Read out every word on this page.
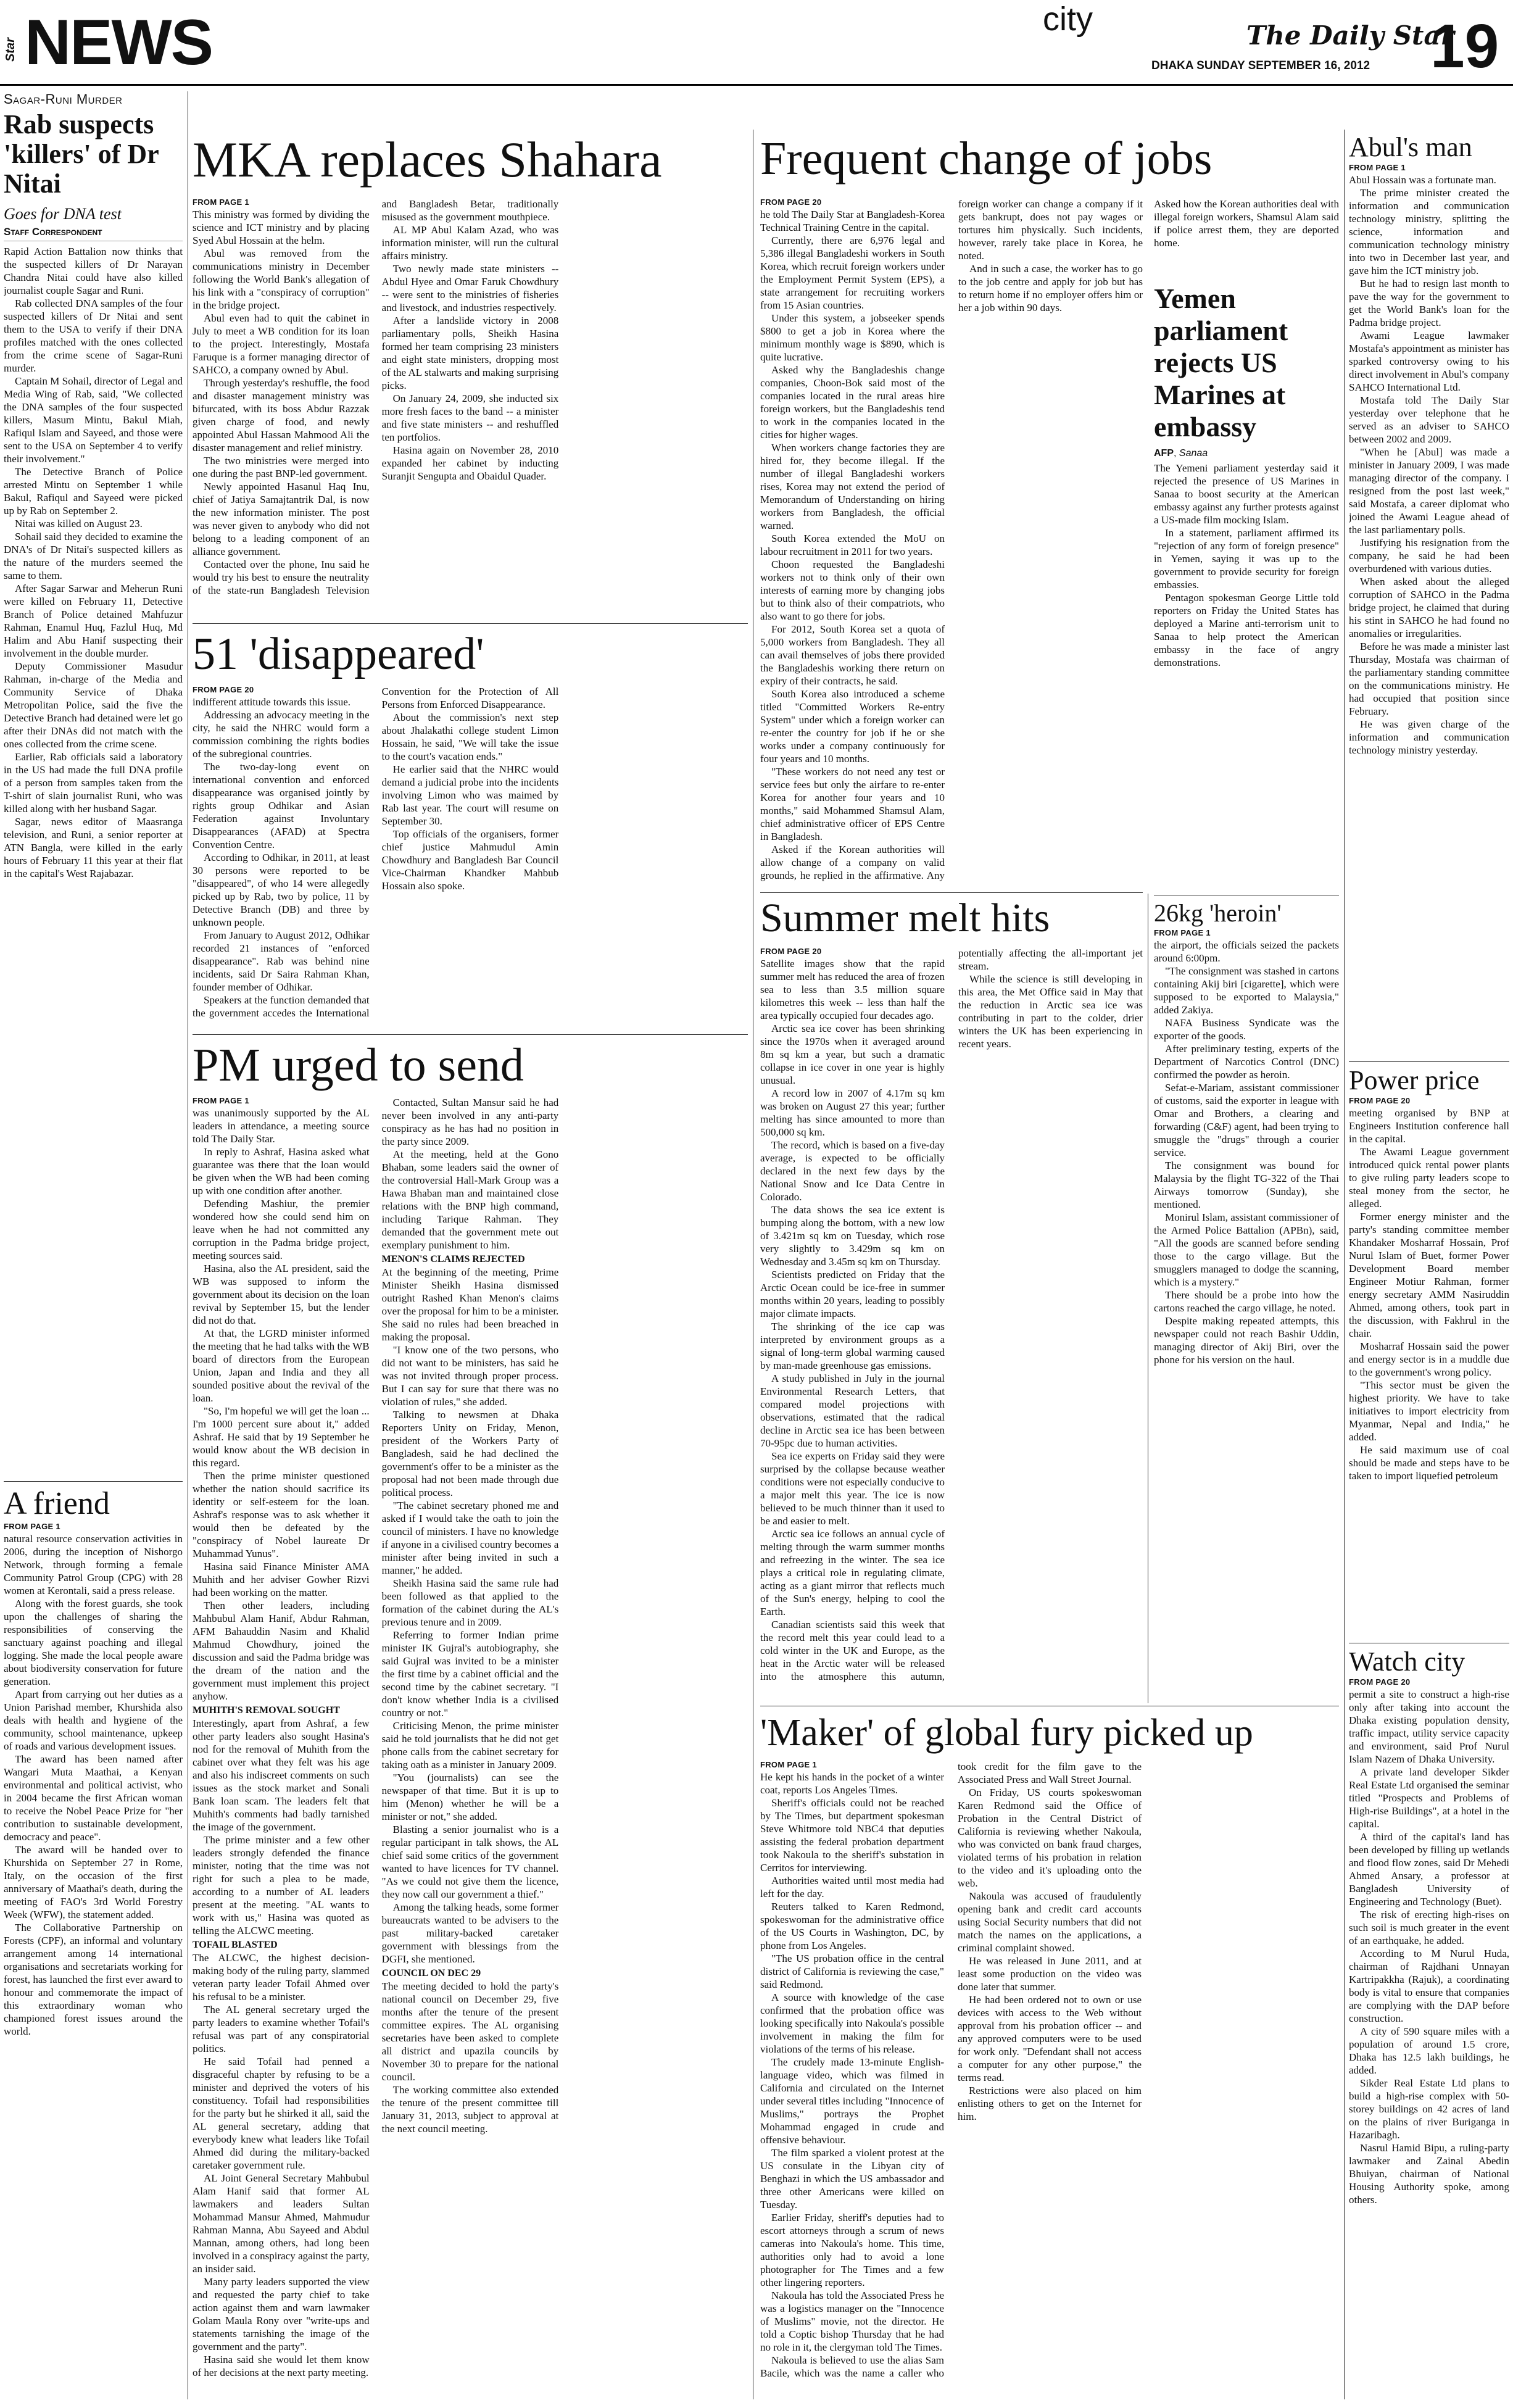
Star NEWS	city	The Daily Star
DHAKA SUNDAY SEPTEMBER 16, 2012 19
Sagar-Runi Murder
Rab suspects 'killers' of Dr Nitai
Goes for DNA test
Staff Correspondent

Rapid Action Battalion now thinks that the suspected killers of Dr Narayan Chandra Nitai could have also killed journalist couple Sagar and Runi.

Rab collected DNA samples of the four suspected killers of Dr Nitai and sent them to the USA to verify if their DNA profiles matched with the ones collected from the crime scene of Sagar-Runi murder.

Captain M Sohail, director of Legal and Media Wing of Rab, said, "We collected the DNA samples of the four suspected killers, Masum Mintu, Bakul Miah, Rafiqul Islam and Sayeed, and those were sent to the USA on September 4 to verify their involvement."

The Detective Branch of Police arrested Mintu on September 1 while Bakul, Rafiqul and Sayeed were picked up by Rab on September 2.

Nitai was killed on August 23.

Sohail said they decided to examine the DNA's of Dr Nitai's suspected killers as the nature of the murders seemed the same to them.

After Sagar Sarwar and Meherun Runi were killed on February 11, Detective Branch of Police detained Mahfuzur Rahman, Enamul Huq, Fazlul Huq, Md Halim and Abu Hanif suspecting their involvement in the double murder.

Deputy Commissioner Masudur Rahman, in-charge of the Media and Community Service of Dhaka Metropolitan Police, said the five the Detective Branch had detained were let go after their DNAs did not match with the ones collected from the crime scene.

Earlier, Rab officials said a laboratory in the US had made the full DNA profile of a person from samples taken from the T-shirt of slain journalist Runi, who was killed along with her husband Sagar.

Sagar, news editor of Maasranga television, and Runi, a senior reporter at ATN Bangla, were killed in the early hours of February 11 this year at their flat in the capital's West Rajabazar.

A friend
FROM PAGE 1

natural resource conservation activities in 2006, during the inception of Nishorgo Network, through forming a female Community Patrol Group (CPG) with 28 women at Kerontali, said a press release.

Along with the forest guards, she took upon the challenges of sharing the responsibilities of conserving the sanctuary against poaching and illegal logging. She made the local people aware about biodiversity conservation for future generation.

Apart from carrying out her duties as a Union Parishad member, Khurshida also deals with health and hygiene of the community, school maintenance, upkeep of roads and various development issues.

The award has been named after Wangari Muta Maathai, a Kenyan environmental and political activist, who in 2004 became the first African woman to receive the Nobel Peace Prize for "her contribution to sustainable development, democracy and peace".

The award will be handed over to Khurshida on September 27 in Rome, Italy, on the occasion of the first anniversary of Maathai's death, during the meeting of FAO's 3rd World Forestry Week (WFW), the statement added.

The Collaborative Partnership on Forests (CPF), an informal and voluntary arrangement among 14 international organisations and secretariats working for forest, has launched the first ever award to honour and commemorate the impact of this extraordinary woman who championed forest issues around the world.

MKA replaces Shahara
FROM PAGE 1

This ministry was formed by dividing the science and ICT ministry and by placing Syed Abul Hossain at the helm.

Abul was removed from the communications ministry in December following the World Bank's allegation of his link with a "conspiracy of corruption" in the bridge project.

Abul even had to quit the cabinet in July to meet a WB condition for its loan to the project. Interestingly, Mostafa Faruque is a former managing director of SAHCO, a company owned by Abul.

Through yesterday's reshuffle, the food and disaster management ministry was bifurcated, with its boss Abdur Razzak given charge of food, and newly appointed Abul Hassan Mahmood Ali the disaster management and relief ministry.

The two ministries were merged into one during the past BNP-led government.

Newly appointed Hasanul Haq Inu, chief of Jatiya Samajtantrik Dal, is now the new information minister. The post was never given to anybody who did not belong to a leading component of an alliance government.

Contacted over the phone, Inu said he would try his best to ensure the neutrality of the state-run Bangladesh Television and Bangladesh Betar, traditionally misused as the government mouthpiece.

AL MP Abul Kalam Azad, who was information minister, will run the cultural affairs ministry.

Two newly made state ministers -- Abdul Hyee and Omar Faruk Chowdhury -- were sent to the ministries of fisheries and livestock, and industries respectively.

After a landslide victory in 2008 parliamentary polls, Sheikh Hasina formed her team comprising 23 ministers and eight state ministers, dropping most of the AL stalwarts and making surprising picks.

On January 24, 2009, she inducted six more fresh faces to the band -- a minister and five state ministers -- and reshuffled ten portfolios.

Hasina again on November 28, 2010 expanded her cabinet by inducting Suranjit Sengupta and Obaidul Quader.

51 'disappeared'
FROM PAGE 20

indifferent attitude towards this issue.

Addressing an advocacy meeting in the city, he said the NHRC would form a commission combining the rights bodies of the subregional countries.

The two-day-long event on international convention and enforced disappearance was organised jointly by rights group Odhikar and Asian Federation against Involuntary Disappearances (AFAD) at Spectra Convention Centre.

According to Odhikar, in 2011, at least 30 persons were reported to be "disappeared", of who 14 were allegedly picked up by Rab, two by police, 11 by Detective Branch (DB) and three by unknown people.

From January to August 2012, Odhikar recorded 21 instances of "enforced disappearance". Rab was behind nine incidents, said Dr Saira Rahman Khan, founder member of Odhikar.

Speakers at the function demanded that the government accedes the International Convention for the Protection of All Persons from Enforced Disappearance.

About the commission's next step about Jhalakathi college student Limon Hossain, he said, "We will take the issue to the court's vacation ends."

He earlier said that the NHRC would demand a judicial probe into the incidents involving Limon who was maimed by Rab last year. The court will resume on September 30.

Top officials of the organisers, former chief justice Mahmudul Amin Chowdhury and Bangladesh Bar Council Vice-Chairman Khandker Mahbub Hossain also spoke.

PM urged to send
FROM PAGE 1

was unanimously supported by the AL leaders in attendance, a meeting source told The Daily Star.

In reply to Ashraf, Hasina asked what guarantee was there that the loan would be given when the WB had been coming up with one condition after another.

Defending Mashiur, the premier wondered how she could send him on leave when he had not committed any corruption in the Padma bridge project, meeting sources said.

Hasina, also the AL president, said the WB was supposed to inform the government about its decision on the loan revival by September 15, but the lender did not do that.

At that, the LGRD minister informed the meeting that he had talks with the WB board of directors from the European Union, Japan and India and they all sounded positive about the revival of the loan.

"So, I'm hopeful we will get the loan ... I'm 1000 percent sure about it," added Ashraf. He said that by 19 September he would know about the WB decision in this regard.

Then the prime minister questioned whether the nation should sacrifice its identity or self-esteem for the loan. Ashraf's response was to ask whether it would then be defeated by the "conspiracy of Nobel laureate Dr Muhammad Yunus".

Hasina said Finance Minister AMA Muhith and her adviser Gowher Rizvi had been working on the matter.

Then other leaders, including Mahbubul Alam Hanif, Abdur Rahman, AFM Bahauddin Nasim and Khalid Mahmud Chowdhury, joined the discussion and said the Padma bridge was the dream of the nation and the government must implement this project anyhow.

MUHITH'S REMOVAL SOUGHT

Interestingly, apart from Ashraf, a few other party leaders also sought Hasina's nod for the removal of Muhith from the cabinet over what they felt was his age and also his indiscreet comments on such issues as the stock market and Sonali Bank loan scam. The leaders felt that Muhith's comments had badly tarnished the image of the government.

The prime minister and a few other leaders strongly defended the finance minister, noting that the time was not right for such a plea to be made, according to a number of AL leaders present at the meeting. "AL wants to work with us," Hasina was quoted as telling the ALCWC meeting.

TOFAIL BLASTED

The ALCWC, the highest decision-making body of the ruling party, slammed veteran party leader Tofail Ahmed over his refusal to be a minister.

The AL general secretary urged the party leaders to examine whether Tofail's refusal was part of any conspiratorial politics.

He said Tofail had penned a disgraceful chapter by refusing to be a minister and deprived the voters of his constituency. Tofail had responsibilities for the party but he shirked it all, said the AL general secretary, adding that everybody knew what leaders like Tofail Ahmed did during the military-backed caretaker government rule.

AL Joint General Secretary Mahbubul Alam Hanif said that former AL lawmakers and leaders Sultan Mohammad Mansur Ahmed, Mahmudur Rahman Manna, Abu Sayeed and Abdul Mannan, among others, had long been involved in a conspiracy against the party, an insider said.

Many party leaders supported the view and requested the party chief to take action against them and warn lawmaker Golam Maula Rony over "write-ups and statements tarnishing the image of the government and the party".

Hasina said she would let them know of her decisions at the next party meeting.

Contacted, Sultan Mansur said he had never been involved in any anti-party conspiracy as he has had no position in the party since 2009.

At the meeting, held at the Gono Bhaban, some leaders said the owner of the controversial Hall-Mark Group was a Hawa Bhaban man and maintained close relations with the BNP high command, including Tarique Rahman. They demanded that the government mete out exemplary punishment to him.

MENON'S CLAIMS REJECTED

At the beginning of the meeting, Prime Minister Sheikh Hasina dismissed outright Rashed Khan Menon's claims over the proposal for him to be a minister. She said no rules had been breached in making the proposal.

"I know one of the two persons, who did not want to be ministers, has said he was not invited through proper process. But I can say for sure that there was no violation of rules," she added.

Talking to newsmen at Dhaka Reporters Unity on Friday, Menon, president of the Workers Party of Bangladesh, said he had declined the government's offer to be a minister as the proposal had not been made through due political process.

"The cabinet secretary phoned me and asked if I would take the oath to join the council of ministers. I have no knowledge if anyone in a civilised country becomes a minister after being invited in such a manner," he added.

Sheikh Hasina said the same rule had been followed as that applied to the formation of the cabinet during the AL's previous tenure and in 2009.

Referring to former Indian prime minister IK Gujral's autobiography, she said Gujral was invited to be a minister the first time by a cabinet official and the second time by the cabinet secretary. "I don't know whether India is a civilised country or not."

Criticising Menon, the prime minister said he told journalists that he did not get phone calls from the cabinet secretary for taking oath as a minister in January 2009.

"You (journalists) can see the newspaper of that time. But it is up to him (Menon) whether he will be a minister or not," she added.

Blasting a senior journalist who is a regular participant in talk shows, the AL chief said some critics of the government wanted to have licences for TV channel. "As we could not give them the licence, they now call our government a thief."

Among the talking heads, some former bureaucrats wanted to be advisers to the past military-backed caretaker government with blessings from the DGFI, she mentioned.

COUNCIL ON DEC 29

The meeting decided to hold the party's national council on December 29, five months after the tenure of the present committee expires. The AL organising secretaries have been asked to complete all district and upazila councils by November 30 to prepare for the national council.

The working committee also extended the tenure of the present committee till January 31, 2013, subject to approval at the next council meeting.

Frequent change of jobs
FROM PAGE 20

he told The Daily Star at Bangladesh-Korea Technical Training Centre in the capital.

Currently, there are 6,976 legal and 5,386 illegal Bangladeshi workers in South Korea, which recruit foreign workers under the Employment Permit System (EPS), a state arrangement for recruiting workers from 15 Asian countries.

Under this system, a jobseeker spends $800 to get a job in Korea where the minimum monthly wage is $890, which is quite lucrative.

Asked why the Bangladeshis change companies, Choon-Bok said most of the companies located in the rural areas hire foreign workers, but the Bangladeshis tend to work in the companies located in the cities for higher wages.

When workers change factories they are hired for, they become illegal. If the number of illegal Bangladeshi workers rises, Korea may not extend the period of Memorandum of Understanding on hiring workers from Bangladesh, the official warned.

South Korea extended the MoU on labour recruitment in 2011 for two years.

Choon requested the Bangladeshi workers not to think only of their own interests of earning more by changing jobs but to think also of their compatriots, who also want to go there for jobs.

For 2012, South Korea set a quota of 5,000 workers from Bangladesh. They all can avail themselves of jobs there provided the Bangladeshis working there return on expiry of their contracts, he said.

South Korea also introduced a scheme titled "Committed Workers Re-entry System" under which a foreign worker can re-enter the country for job if he or she works under a company continuously for four years and 10 months.

"These workers do not need any test or service fees but only the airfare to re-enter Korea for another four years and 10 months," said Mohammed Shamsul Alam, chief administrative officer of EPS Centre in Bangladesh.

Asked if the Korean authorities will allow change of a company on valid grounds, he replied in the affirmative. Any foreign worker can change a company if it gets bankrupt, does not pay wages or tortures him physically. Such incidents, however, rarely take place in Korea, he noted.

And in such a case, the worker has to go to the job centre and apply for job but has to return home if no employer offers him or her a job within 90 days.

Asked how the Korean authorities deal with illegal foreign workers, Shamsul Alam said if police arrest them, they are deported home.

Yemen parliament rejects US Marines at embassy
AFP, Sanaa

The Yemeni parliament yesterday said it rejected the presence of US Marines in Sanaa to boost security at the American embassy against any further protests against a US-made film mocking Islam.

In a statement, parliament affirmed its "rejection of any form of foreign presence" in Yemen, saying it was up to the government to provide security for foreign embassies.

Pentagon spokesman George Little told reporters on Friday the United States has deployed a Marine anti-terrorism unit to Sanaa to help protect the American embassy in the face of angry demonstrations.

Summer melt hits
FROM PAGE 20

Satellite images show that the rapid summer melt has reduced the area of frozen sea to less than 3.5 million square kilometres this week -- less than half the area typically occupied four decades ago.

Arctic sea ice cover has been shrinking since the 1970s when it averaged around 8m sq km a year, but such a dramatic collapse in ice cover in one year is highly unusual.

A record low in 2007 of 4.17m sq km was broken on August 27 this year; further melting has since amounted to more than 500,000 sq km.

The record, which is based on a five-day average, is expected to be officially declared in the next few days by the National Snow and Ice Data Centre in Colorado.

The data shows the sea ice extent is bumping along the bottom, with a new low of 3.421m sq km on Tuesday, which rose very slightly to 3.429m sq km on Wednesday and 3.45m sq km on Thursday.

Scientists predicted on Friday that the Arctic Ocean could be ice-free in summer months within 20 years, leading to possibly major climate impacts.

The shrinking of the ice cap was interpreted by environment groups as a signal of long-term global warming caused by man-made greenhouse gas emissions.

A study published in July in the journal Environmental Research Letters, that compared model projections with observations, estimated that the radical decline in Arctic sea ice has been between 70-95pc due to human activities.

Sea ice experts on Friday said they were surprised by the collapse because weather conditions were not especially conducive to a major melt this year. The ice is now believed to be much thinner than it used to be and easier to melt.

Arctic sea ice follows an annual cycle of melting through the warm summer months and refreezing in the winter. The sea ice plays a critical role in regulating climate, acting as a giant mirror that reflects much of the Sun's energy, helping to cool the Earth.

Canadian scientists said this week that the record melt this year could lead to a cold winter in the UK and Europe, as the heat in the Arctic water will be released into the atmosphere this autumn, potentially affecting the all-important jet stream.

While the science is still developing in this area, the Met Office said in May that the reduction in Arctic sea ice was contributing in part to the colder, drier winters the UK has been experiencing in recent years.

26kg 'heroin'
FROM PAGE 1

the airport, the officials seized the packets around 6:00pm.

"The consignment was stashed in cartons containing Akij biri [cigarette], which were supposed to be exported to Malaysia," added Zakiya.

NAFA Business Syndicate was the exporter of the goods.

After preliminary testing, experts of the Department of Narcotics Control (DNC) confirmed the powder as heroin.

Sefat-e-Mariam, assistant commissioner of customs, said the exporter in league with Omar and Brothers, a clearing and forwarding (C&F) agent, had been trying to smuggle the "drugs" through a courier service.

The consignment was bound for Malaysia by the flight TG-322 of the Thai Airways tomorrow (Sunday), she mentioned.

Monirul Islam, assistant commissioner of the Armed Police Battalion (APBn), said, "All the goods are scanned before sending those to the cargo village. But the smugglers managed to dodge the scanning, which is a mystery."

There should be a probe into how the cartons reached the cargo village, he noted.

Despite making repeated attempts, this newspaper could not reach Bashir Uddin, managing director of Akij Biri, over the phone for his version on the haul.

'Maker' of global fury picked up
FROM PAGE 1

He kept his hands in the pocket of a winter coat, reports Los Angeles Times.

Sheriff's officials could not be reached by The Times, but department spokesman Steve Whitmore told NBC4 that deputies assisting the federal probation department took Nakoula to the sheriff's substation in Cerritos for interviewing.

Authorities waited until most media had left for the day.

Reuters talked to Karen Redmond, spokeswoman for the administrative office of the US Courts in Washington, DC, by phone from Los Angeles.

"The US probation office in the central district of California is reviewing the case," said Redmond.

A source with knowledge of the case confirmed that the probation office was looking specifically into Nakoula's possible involvement in making the film for violations of the terms of his release.

The crudely made 13-minute English-language video, which was filmed in California and circulated on the Internet under several titles including "Innocence of Muslims," portrays the Prophet Mohammad engaged in crude and offensive behaviour.

The film sparked a violent protest at the US consulate in the Libyan city of Benghazi in which the US ambassador and three other Americans were killed on Tuesday.

Earlier Friday, sheriff's deputies had to escort attorneys through a scrum of news cameras into Nakoula's home. This time, authorities only had to avoid a lone photographer for The Times and a few other lingering reporters.

Nakoula has told the Associated Press he was a logistics manager on the "Innocence of Muslims" movie, not the director. He told a Coptic bishop Thursday that he had no role in it, the clergyman told The Times.

Nakoula is believed to use the alias Sam Bacile, which was the name a caller who took credit for the film gave to the Associated Press and Wall Street Journal.

On Friday, US courts spokeswoman Karen Redmond said the Office of Probation in the Central District of California is reviewing whether Nakoula, who was convicted on bank fraud charges, violated terms of his probation in relation to the video and it's uploading onto the web.

Nakoula was accused of fraudulently opening bank and credit card accounts using Social Security numbers that did not match the names on the applications, a criminal complaint showed.

He was released in June 2011, and at least some production on the video was done later that summer.

He had been ordered not to own or use devices with access to the Web without approval from his probation officer -- and any approved computers were to be used for work only. "Defendant shall not access a computer for any other purpose," the terms read.

Restrictions were also placed on him enlisting others to get on the Internet for him.

Abul's man
FROM PAGE 1

Abul Hossain was a fortunate man.

The prime minister created the information and communication technology ministry, splitting the science, information and communication technology ministry into two in December last year, and gave him the ICT ministry job.

But he had to resign last month to pave the way for the government to get the World Bank's loan for the Padma bridge project.

Awami League lawmaker Mostafa's appointment as minister has sparked controversy owing to his direct involvement in Abul's company SAHCO International Ltd.

Mostafa told The Daily Star yesterday over telephone that he served as an adviser to SAHCO between 2002 and 2009.

"When he [Abul] was made a minister in January 2009, I was made managing director of the company. I resigned from the post last week," said Mostafa, a career diplomat who joined the Awami League ahead of the last parliamentary polls.

Justifying his resignation from the company, he said he had been overburdened with various duties.

When asked about the alleged corruption of SAHCO in the Padma bridge project, he claimed that during his stint in SAHCO he had found no anomalies or irregularities.

Before he was made a minister last Thursday, Mostafa was chairman of the parliamentary standing committee on the communications ministry. He had occupied that position since February.

He was given charge of the information and communication technology ministry yesterday.

Power price
FROM PAGE 20

meeting organised by BNP at Engineers Institution conference hall in the capital.

The Awami League government introduced quick rental power plants to give ruling party leaders scope to steal money from the sector, he alleged.

Former energy minister and the party's standing committee member Khandaker Mosharraf Hossain, Prof Nurul Islam of Buet, former Power Development Board member Engineer Motiur Rahman, former energy secretary AMM Nasiruddin Ahmed, among others, took part in the discussion, with Fakhrul in the chair.

Mosharraf Hossain said the power and energy sector is in a muddle due to the government's wrong policy.

"This sector must be given the highest priority. We have to take initiatives to import electricity from Myanmar, Nepal and India," he added.

He said maximum use of coal should be made and steps have to be taken to import liquefied petroleum

Watch city
FROM PAGE 20

permit a site to construct a high-rise only after taking into account the Dhaka existing population density, traffic impact, utility service capacity and environment, said Prof Nurul Islam Nazem of Dhaka University.

A private land developer Sikder Real Estate Ltd organised the seminar titled "Prospects and Problems of High-rise Buildings", at a hotel in the capital.

A third of the capital's land has been developed by filling up wetlands and flood flow zones, said Dr Mehedi Ahmed Ansary, a professor at Bangladesh University of Engineering and Technology (Buet).

The risk of erecting high-rises on such soil is much greater in the event of an earthquake, he added.

According to M Nurul Huda, chairman of Rajdhani Unnayan Kartripakkha (Rajuk), a coordinating body is vital to ensure that companies are complying with the DAP before construction.

A city of 590 square miles with a population of around 1.5 crore, Dhaka has 12.5 lakh buildings, he added.

Sikder Real Estate Ltd plans to build a high-rise complex with 50-storey buildings on 42 acres of land on the plains of river Buriganga in Hazaribagh.

Nasrul Hamid Bipu, a ruling-party lawmaker and Zainal Abedin Bhuiyan, chairman of National Housing Authority spoke, among others.
